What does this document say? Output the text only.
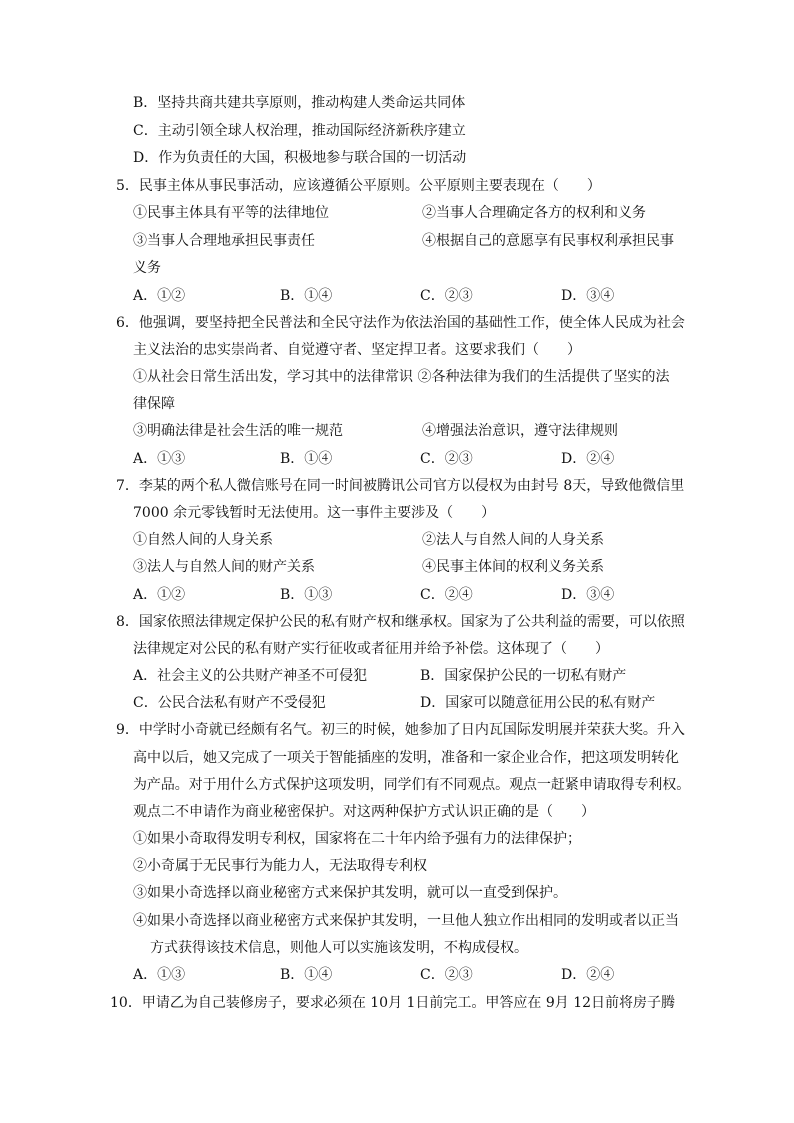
B．坚持共商共建共享原则，推动构建人类命运共同体
C．主动引领全球人权治理，推动国际经济新秩序建立
D．作为负责任的大国，积极地参与联合国的一切活动
5．民事主体从事民事活动，应该遵循公平原则。公平原则主要表现在（　　）
①民事主体具有平等的法律地位	②当事人合理确定各方的权利和义务
③当事人合理地承担民事责任	④根据自己的意愿享有民事权利承担民事
义务
A．①②	B．①④	C．②③	D．③④
6．他强调，要坚持把全民普法和全民守法作为依法治国的基础性工作，使全体人民成为社会
主义法治的忠实崇尚者、自觉遵守者、坚定捍卫者。这要求我们（　　）
①从社会日常生活出发，学习其中的法律常识 ②各种法律为我们的生活提供了坚实的法
律保障
③明确法律是社会生活的唯一规范	④增强法治意识，遵守法律规则
A．①③	B．①④	C．②③	D．②④
7．李某的两个私人微信账号在同一时间被腾讯公司官方以侵权为由封号 8天，导致他微信里
7000 余元零钱暂时无法使用。这一事件主要涉及（　　）
①自然人间的人身关系	②法人与自然人间的人身关系
③法人与自然人间的财产关系	④民事主体间的权利义务关系
A．①②	B．①③	C．②④	D．③④
8．国家依照法律规定保护公民的私有财产权和继承权。国家为了公共利益的需要，可以依照
法律规定对公民的私有财产实行征收或者征用并给予补偿。这体现了（　　）
A．社会主义的公共财产神圣不可侵犯	B．国家保护公民的一切私有财产
C．公民合法私有财产不受侵犯	D．国家可以随意征用公民的私有财产
9．中学时小奇就已经颇有名气。初三的时候，她参加了日内瓦国际发明展并荣获大奖。升入
高中以后，她又完成了一项关于智能插座的发明，准备和一家企业合作，把这项发明转化
为产品。对于用什么方式保护这项发明，同学们有不同观点。观点一赶紧申请取得专利权。
观点二不申请作为商业秘密保护。对这两种保护方式认识正确的是（　　）
①如果小奇取得发明专利权，国家将在二十年内给予强有力的法律保护；
②小奇属于无民事行为能力人，无法取得专利权
③如果小奇选择以商业秘密方式来保护其发明，就可以一直受到保护。
④如果小奇选择以商业秘密方式来保护其发明，一旦他人独立作出相同的发明或者以正当
方式获得该技术信息，则他人可以实施该发明，不构成侵权。
A．①③	B．①④	C．②③	D．②④
10．甲请乙为自己装修房子，要求必须在 10月 1日前完工。甲答应在 9月 12日前将房子腾
